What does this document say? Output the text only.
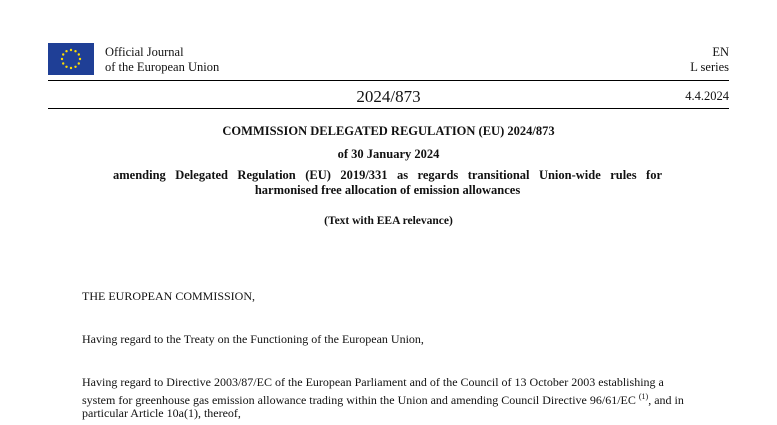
Official Journal
of the European Union
EN
L series
2024/873	4.4.2024
COMMISSION DELEGATED REGULATION (EU) 2024/873
of 30 January 2024
amending Delegated Regulation (EU) 2019/331 as regards transitional Union-wide rules for harmonised free allocation of emission allowances
(Text with EEA relevance)
THE EUROPEAN COMMISSION,
Having regard to the Treaty on the Functioning of the European Union,
Having regard to Directive 2003/87/EC of the European Parliament and of the Council of 13 October 2003 establishing a system for greenhouse gas emission allowance trading within the Union and amending Council Directive 96/61/EC $^{(1)}$, and in particular Article 10a(1), thereof,
